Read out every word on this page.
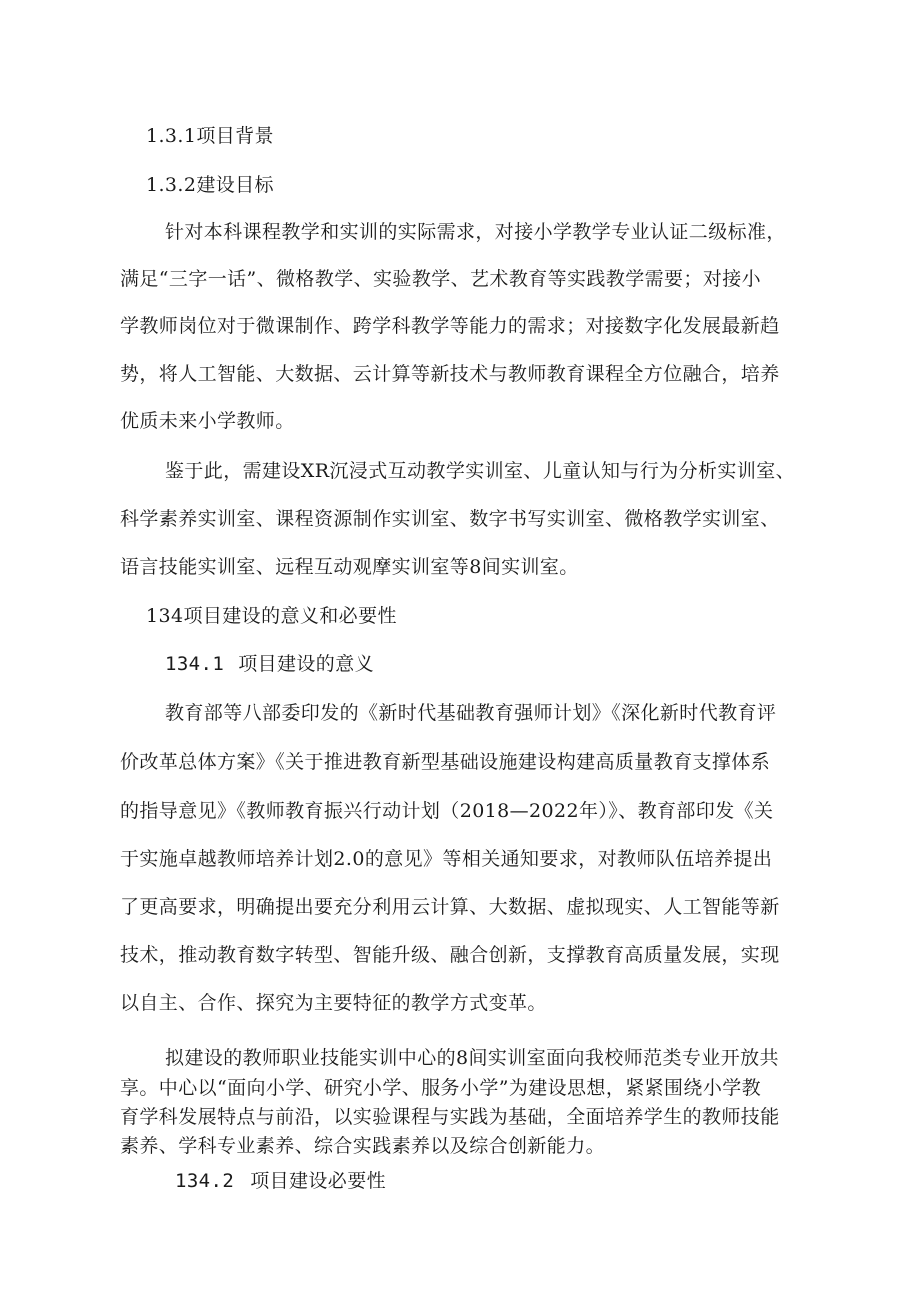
1.3.1项目背景

1.3.2建设目标

针对本科课程教学和实训的实际需求，对接小学教学专业认证二级标准，

满足“三字一话”、微格教学、实验教学、艺术教育等实践教学需要；对接小

学教师岗位对于微课制作、跨学科教学等能力的需求；对接数字化发展最新趋

势，将人工智能、大数据、云计算等新技术与教师教育课程全方位融合，培养

优质未来小学教师。

鉴于此，需建设XR沉浸式互动教学实训室、儿童认知与行为分析实训室、

科学素养实训室、课程资源制作实训室、数字书写实训室、微格教学实训室、

语言技能实训室、远程互动观摩实训室等8间实训室。

134项目建设的意义和必要性

134.1 项目建设的意义

教育部等八部委印发的《新时代基础教育强师计划》《深化新时代教育评

价改革总体方案》《关于推进教育新型基础设施建设构建高质量教育支撑体系

的指导意见》《教师教育振兴行动计划（2018—2022年）》、教育部印发《关

于实施卓越教师培养计划2.0的意见》等相关通知要求，对教师队伍培养提出

了更高要求，明确提出要充分利用云计算、大数据、虚拟现实、人工智能等新

技术，推动教育数字转型、智能升级、融合创新，支撑教育高质量发展，实现

以自主、合作、探究为主要特征的教学方式变革。

拟建设的教师职业技能实训中心的8间实训室面向我校师范类专业开放共

享。中心以“面向小学、研究小学、服务小学”为建设思想，紧紧围绕小学教

育学科发展特点与前沿，以实验课程与实践为基础，全面培养学生的教师技能

素养、学科专业素养、综合实践素养以及综合创新能力。

134.2 项目建设必要性
